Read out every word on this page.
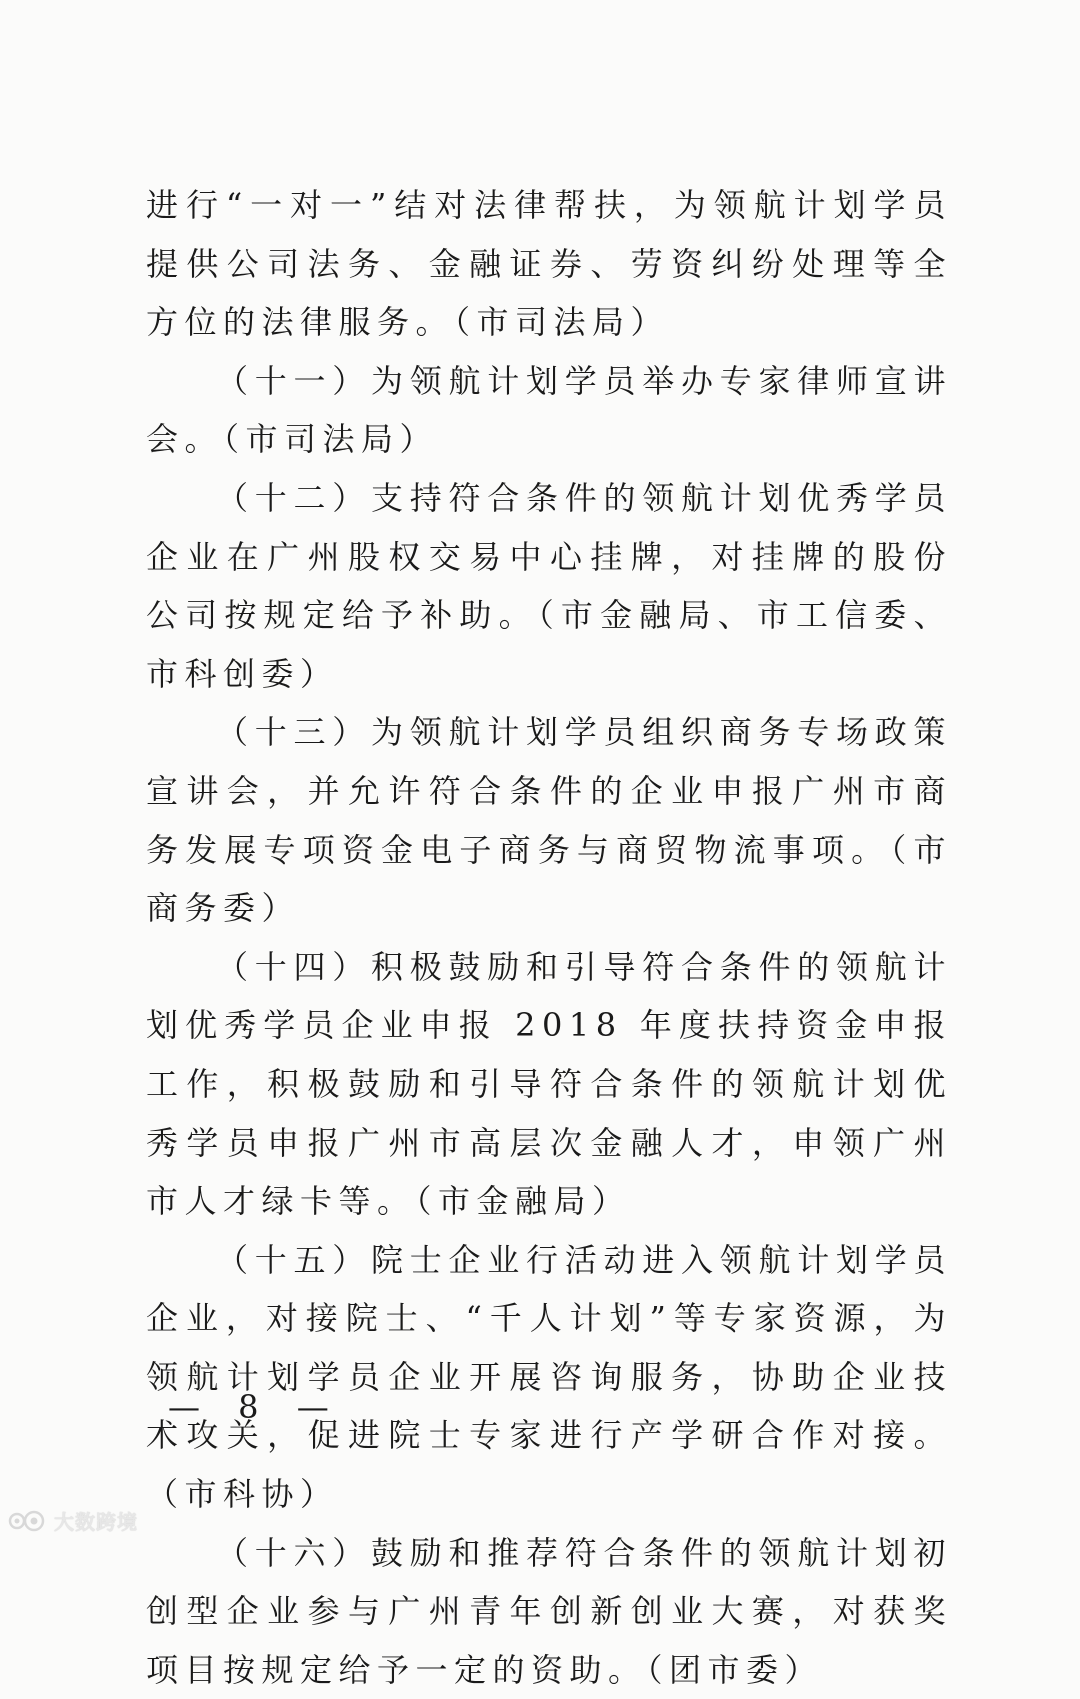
进行“一对一”结对法律帮扶，为领航计划学员提供公司法务、金融证券、劳资纠纷处理等全方位的法律服务。（市司法局）

（十一）为领航计划学员举办专家律师宣讲会。（市司法局）

（十二）支持符合条件的领航计划优秀学员企业在广州股权交易中心挂牌，对挂牌的股份公司按规定给予补助。（市金融局、市工信委、市科创委）

（十三）为领航计划学员组织商务专场政策宣讲会，并允许符合条件的企业申报广州市商务发展专项资金电子商务与商贸物流事项。（市商务委）

（十四）积极鼓励和引导符合条件的领航计划优秀学员企业申报 2018 年度扶持资金申报工作，积极鼓励和引导符合条件的领航计划优秀学员申报广州市高层次金融人才，申领广州市人才绿卡等。（市金融局）

（十五）院士企业行活动进入领航计划学员企业，对接院士、“千人计划”等专家资源，为领航计划学员企业开展咨询服务，协助企业技术攻关，促进院士专家进行产学研合作对接。（市科协）

（十六）鼓励和推荐符合条件的领航计划初创型企业参与广州青年创新创业大赛，对获奖项目按规定给予一定的资助。（团市委）

— 8 —
大数跨境
